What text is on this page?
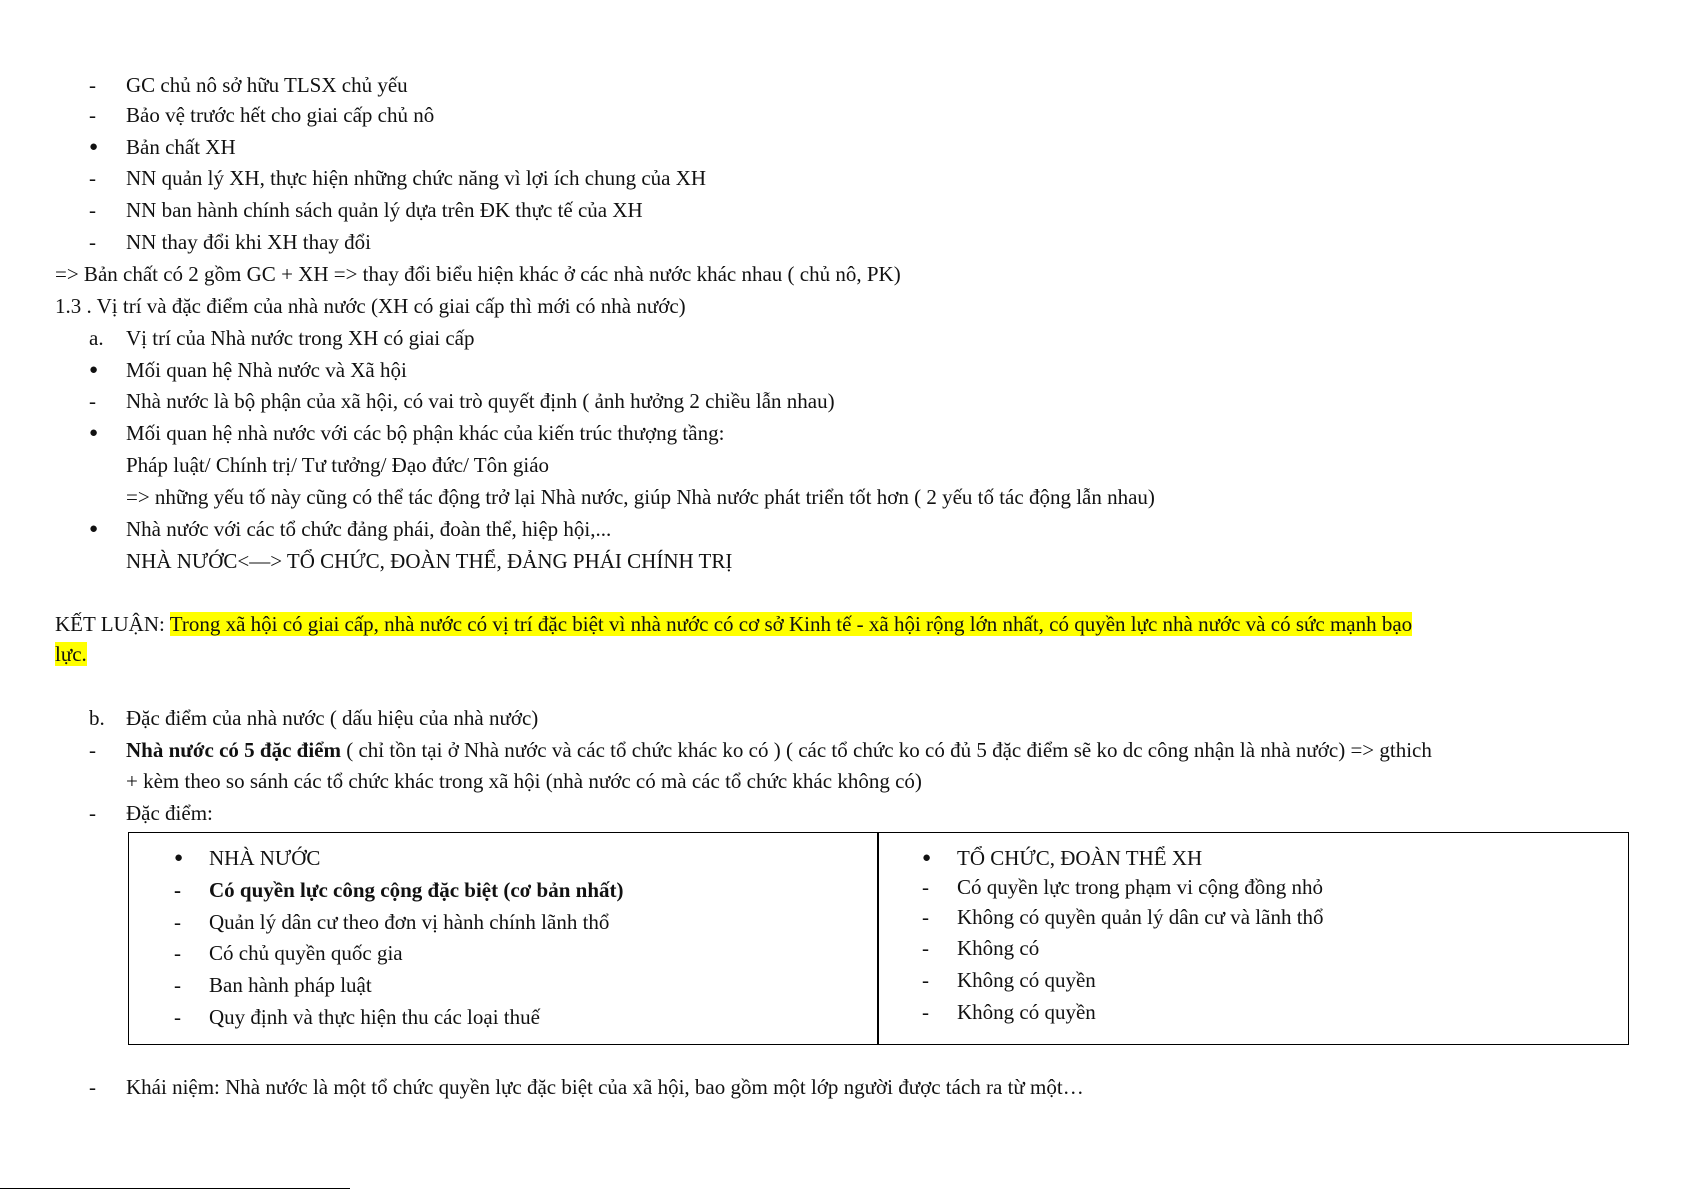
- GC chủ nô sở hữu TLSX chủ yếu
- Bảo vệ trước hết cho giai cấp chủ nô
● Bản chất XH
- NN quản lý XH, thực hiện những chức năng vì lợi ích chung của XH
- NN ban hành chính sách quản lý dựa trên ĐK thực tế của XH
- NN thay đổi khi XH thay đổi
=> Bản chất có 2 gồm GC + XH => thay đổi biểu hiện khác ở các nhà nước khác nhau ( chủ nô, PK)
1.3 . Vị trí và đặc điểm của nhà nước (XH có giai cấp thì mới có nhà nước)
a. Vị trí của Nhà nước trong XH có giai cấp
● Mối quan hệ Nhà nước và Xã hội
- Nhà nước là bộ phận của xã hội, có vai trò quyết định ( ảnh hưởng 2 chiều lẫn nhau)
● Mối quan hệ nhà nước với các bộ phận khác của kiến trúc thượng tầng:
Pháp luật/ Chính trị/ Tư tưởng/ Đạo đức/ Tôn giáo
=> những yếu tố này cũng có thể tác động trở lại Nhà nước, giúp Nhà nước phát triển tốt hơn ( 2 yếu tố tác động lẫn nhau)
● Nhà nước với các tổ chức đảng phái, đoàn thể, hiệp hội,...
NHÀ NƯỚC<—> TỔ CHỨC, ĐOÀN THỂ, ĐẢNG PHÁI CHÍNH TRỊ
KẾT LUẬN: Trong xã hội có giai cấp, nhà nước có vị trí đặc biệt vì nhà nước có cơ sở Kinh tế - xã hội rộng lớn nhất, có quyền lực nhà nước và có sức mạnh bạo
lực.
b. Đặc điểm của nhà nước ( dấu hiệu của nhà nước)
- Nhà nước có 5 đặc điểm ( chỉ tồn tại ở Nhà nước và các tổ chức khác ko có ) ( các tổ chức ko có đủ 5 đặc điểm sẽ ko dc công nhận là nhà nước) => gthich
+ kèm theo so sánh các tổ chức khác trong xã hội (nhà nước có mà các tổ chức khác không có)
- Đặc điểm:
● NHÀ NƯỚC
- Có quyền lực công cộng đặc biệt (cơ bản nhất)
- Quản lý dân cư theo đơn vị hành chính lãnh thổ
- Có chủ quyền quốc gia
- Ban hành pháp luật
- Quy định và thực hiện thu các loại thuế
● TỔ CHỨC, ĐOÀN THỂ XH
- Có quyền lực trong phạm vi cộng đồng nhỏ
- Không có quyền quản lý dân cư và lãnh thổ
- Không có
- Không có quyền
- Không có quyền
- Khái niệm: Nhà nước là một tổ chức quyền lực đặc biệt của xã hội, bao gồm một lớp người được tách ra từ một…
